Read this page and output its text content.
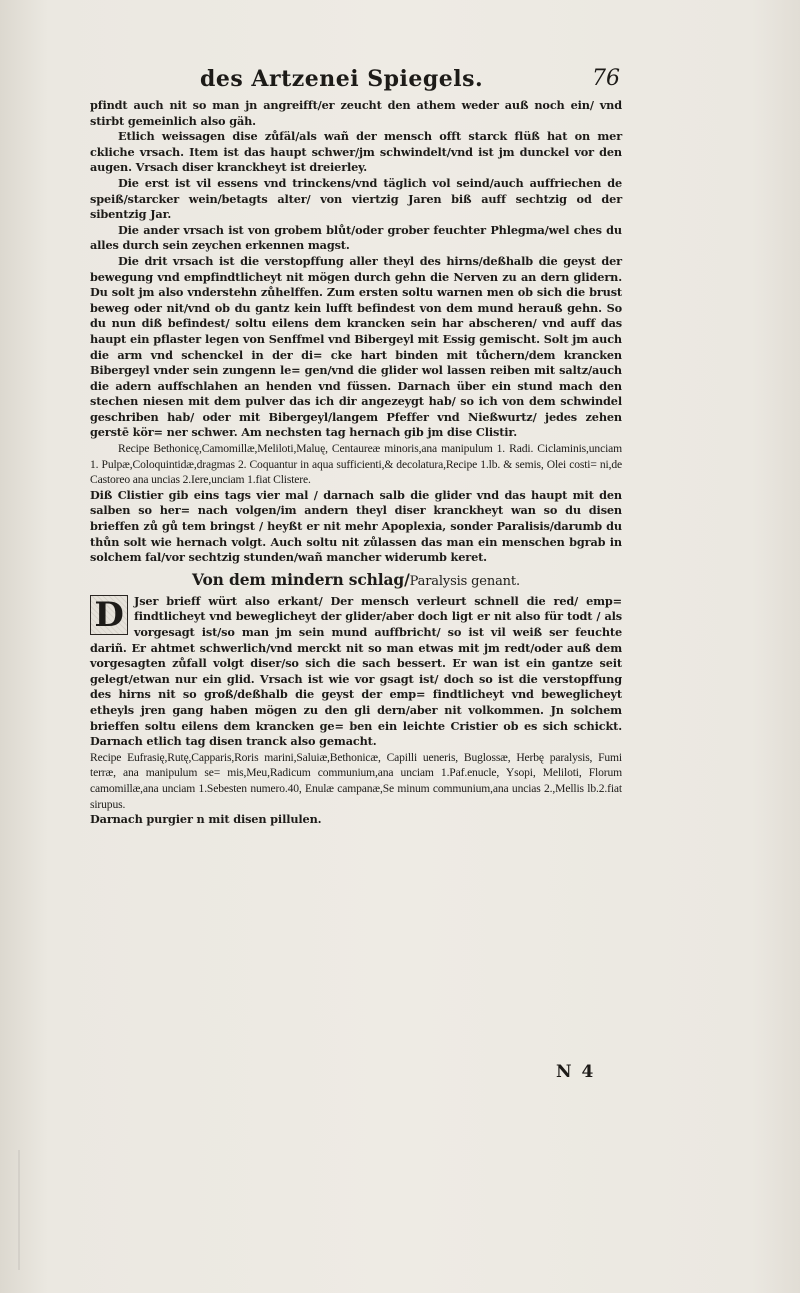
des Artzenei Spiegels.	76

pfindt auch nit so man jn angreifft/er zeucht den athem weder auß noch ein/ vnd stirbt gemeinlich also gäh.

Etlich weissagen dise zůfäl/als wañ der mensch offt starck flüß hat on mer ckliche vrsach. Item ist das haupt schwer/jm schwindelt/vnd ist jm dunckel vor den augen. Vrsach diser kranckheyt ist dreierley.

Die erst ist vil essens vnd trinckens/vnd täglich vol seind/auch auffriechen de speiß/starcker wein/betagts alter/ von viertzig Jaren biß auff sechtzig od der sibentzig Jar.

Die ander vrsach ist von grobem blůt/oder grober feuchter Phlegma/wel ches du alles durch sein zeychen erkennen magst.

Die drit vrsach ist die verstopffung aller theyl des hirns/deßhalb die geyst der bewegung vnd empfindtlicheyt nit mögen durch gehn die Nerven zu an dern glidern. Du solt jm also vnderstehn zůhelffen. Zum ersten soltu warnen men ob sich die brust beweg oder nit/vnd ob du gantz kein lufft befindest von dem mund herauß gehn. So du nun diß befindest/ soltu eilens dem krancken sein har abscheren/ vnd auff das haupt ein pflaster legen von Senffmel vnd Bibergeyl mit Essig gemischt. Solt jm auch die arm vnd schenckel in der di= cke hart binden mit tůchern/dem krancken Bibergeyl vnder sein zungenn le= gen/vnd die glider wol lassen reiben mit saltz/auch die adern auffschlahen an henden vnd füssen. Darnach über ein stund mach den stechen niesen mit dem pulver das ich dir angezeygt hab/ so ich von dem schwindel geschriben hab/ oder mit Bibergeyl/langem Pfeffer vnd Nießwurtz/ jedes zehen gerstē kör= ner schwer. Am nechsten tag hernach gib jm dise Clistir.

Recipe Bethonicę,Camomillæ,Meliloti,Maluę, Centaureæ minoris,ana manipulum 1. Radi. Ciclaminis,unciam 1. Pulpæ,Coloquintidæ,dragmas 2. Coquantur in aqua sufficienti,& decolatura,Recipe 1.lb. & semis, Olei costi= ni,de Castoreo ana uncias 2.Iere,unciam 1.fiat Clistere.

Diß Clistier gib eins tags vier mal / darnach salb die glider vnd das haupt mit den salben so her= nach volgen/im andern theyl diser kranckheyt wan so du disen brieffen zů gů tem bringst / heyßt er nit mehr Apoplexia, sonder Paralisis/darumb du thůn solt wie hernach volgt. Auch soltu nit zůlassen das man ein menschen bgrab in solchem fal/vor sechtzig stunden/wañ mancher widerumb keret.

Von dem mindern schlag/Paralysis genant.
D Jser brieff würt also erkant/ Der mensch verleurt schnell die red/ emp= findtlicheyt vnd beweglicheyt der glider/aber doch ligt er nit also für todt / als vorgesagt ist/so man jm sein mund auffbricht/ so ist vil weiß ser feuchte dariñ. Er ahtmet schwerlich/vnd merckt nit so man etwas mit jm redt/oder auß dem vorgesagten zůfall volgt diser/so sich die sach bessert. Er wan ist ein gantze seit gelegt/etwan nur ein glid. Vrsach ist wie vor gsagt ist/ doch so ist die verstopffung des hirns nit so groß/deßhalb die geyst der emp= findtlicheyt vnd beweglicheyt etheyls jren gang haben mögen zu den gli dern/aber nit volkommen. Jn solchem brieffen soltu eilens dem krancken ge= ben ein leichte Cristier ob es sich schickt. Darnach etlich tag disen tranck also gemacht.

Recipe Eufrasię,Rutę,Capparis,Roris marini,Saluiæ,Bethonicæ, Capilli ueneris, Buglossæ, Herbę paralysis, Fumi terræ, ana manipulum se= mis,Meu,Radicum communium,ana unciam 1.Paf.enucle, Ysopi, Meliloti, Florum camomillæ,ana unciam 1.Sebesten numero.40, Enulæ campanæ,Se minum communium,ana uncias 2.,Mellis lb.2.fiat sirupus.

Darnach purgier n mit disen pillulen.

N 4
